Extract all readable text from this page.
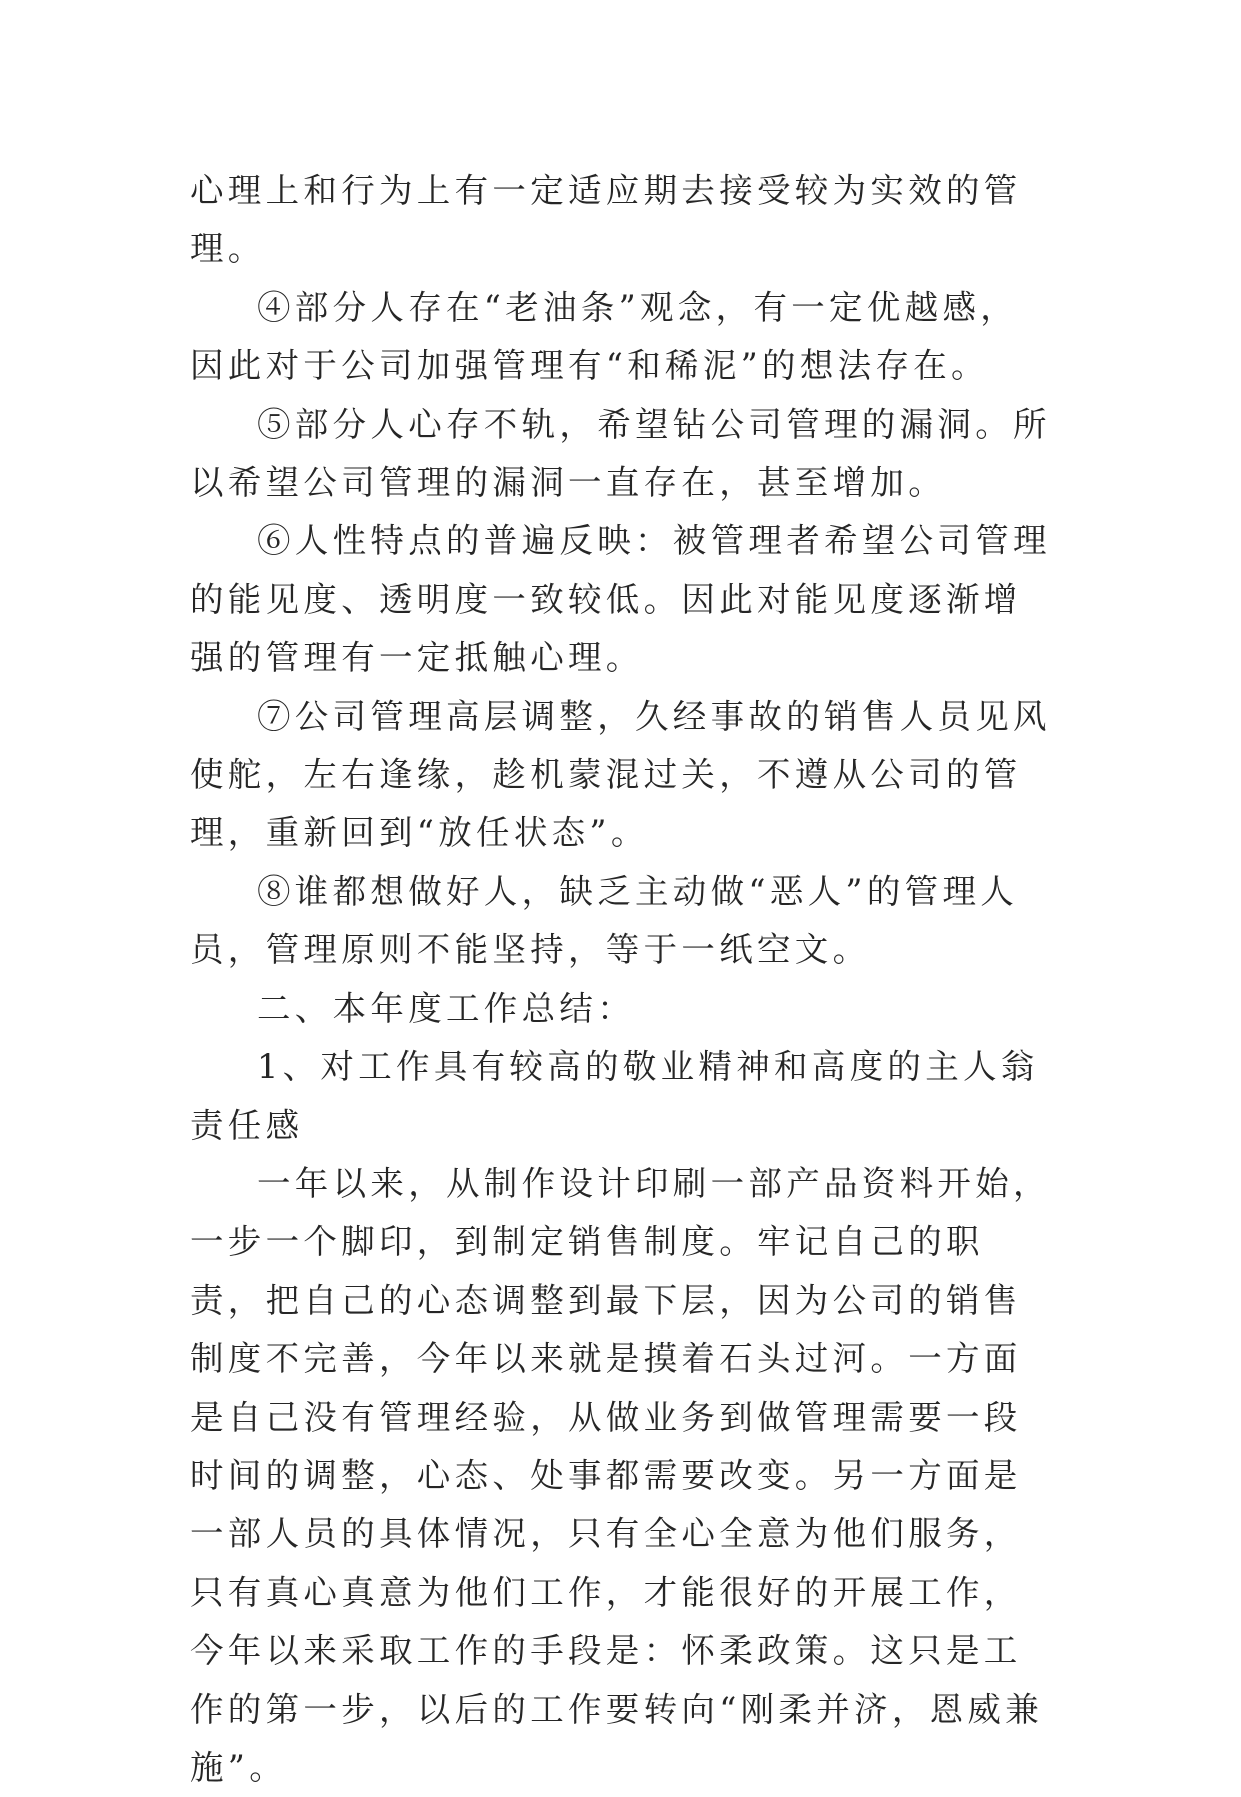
心理上和行为上有一定适应期去接受较为实效的管理。

④部分人存在“老油条”观念，有一定优越感，因此对于公司加强管理有“和稀泥”的想法存在。

⑤部分人心存不轨，希望钻公司管理的漏洞。所以希望公司管理的漏洞一直存在，甚至增加。

⑥人性特点的普遍反映：被管理者希望公司管理的能见度、透明度一致较低。因此对能见度逐渐增强的管理有一定抵触心理。

⑦公司管理高层调整，久经事故的销售人员见风使舵，左右逢缘，趁机蒙混过关，不遵从公司的管理，重新回到“放任状态”。

⑧谁都想做好人，缺乏主动做“恶人”的管理人员，管理原则不能坚持，等于一纸空文。

二、本年度工作总结：

1、对工作具有较高的敬业精神和高度的主人翁责任感

一年以来，从制作设计印刷一部产品资料开始，一步一个脚印，到制定销售制度。牢记自己的职责，把自己的心态调整到最下层，因为公司的销售制度不完善，今年以来就是摸着石头过河。一方面是自己没有管理经验，从做业务到做管理需要一段时间的调整，心态、处事都需要改变。另一方面是一部人员的具体情况，只有全心全意为他们服务，只有真心真意为他们工作，才能很好的开展工作，今年以来采取工作的手段是：怀柔政策。这只是工作的第一步，以后的工作要转向“刚柔并济，恩威兼施”。
